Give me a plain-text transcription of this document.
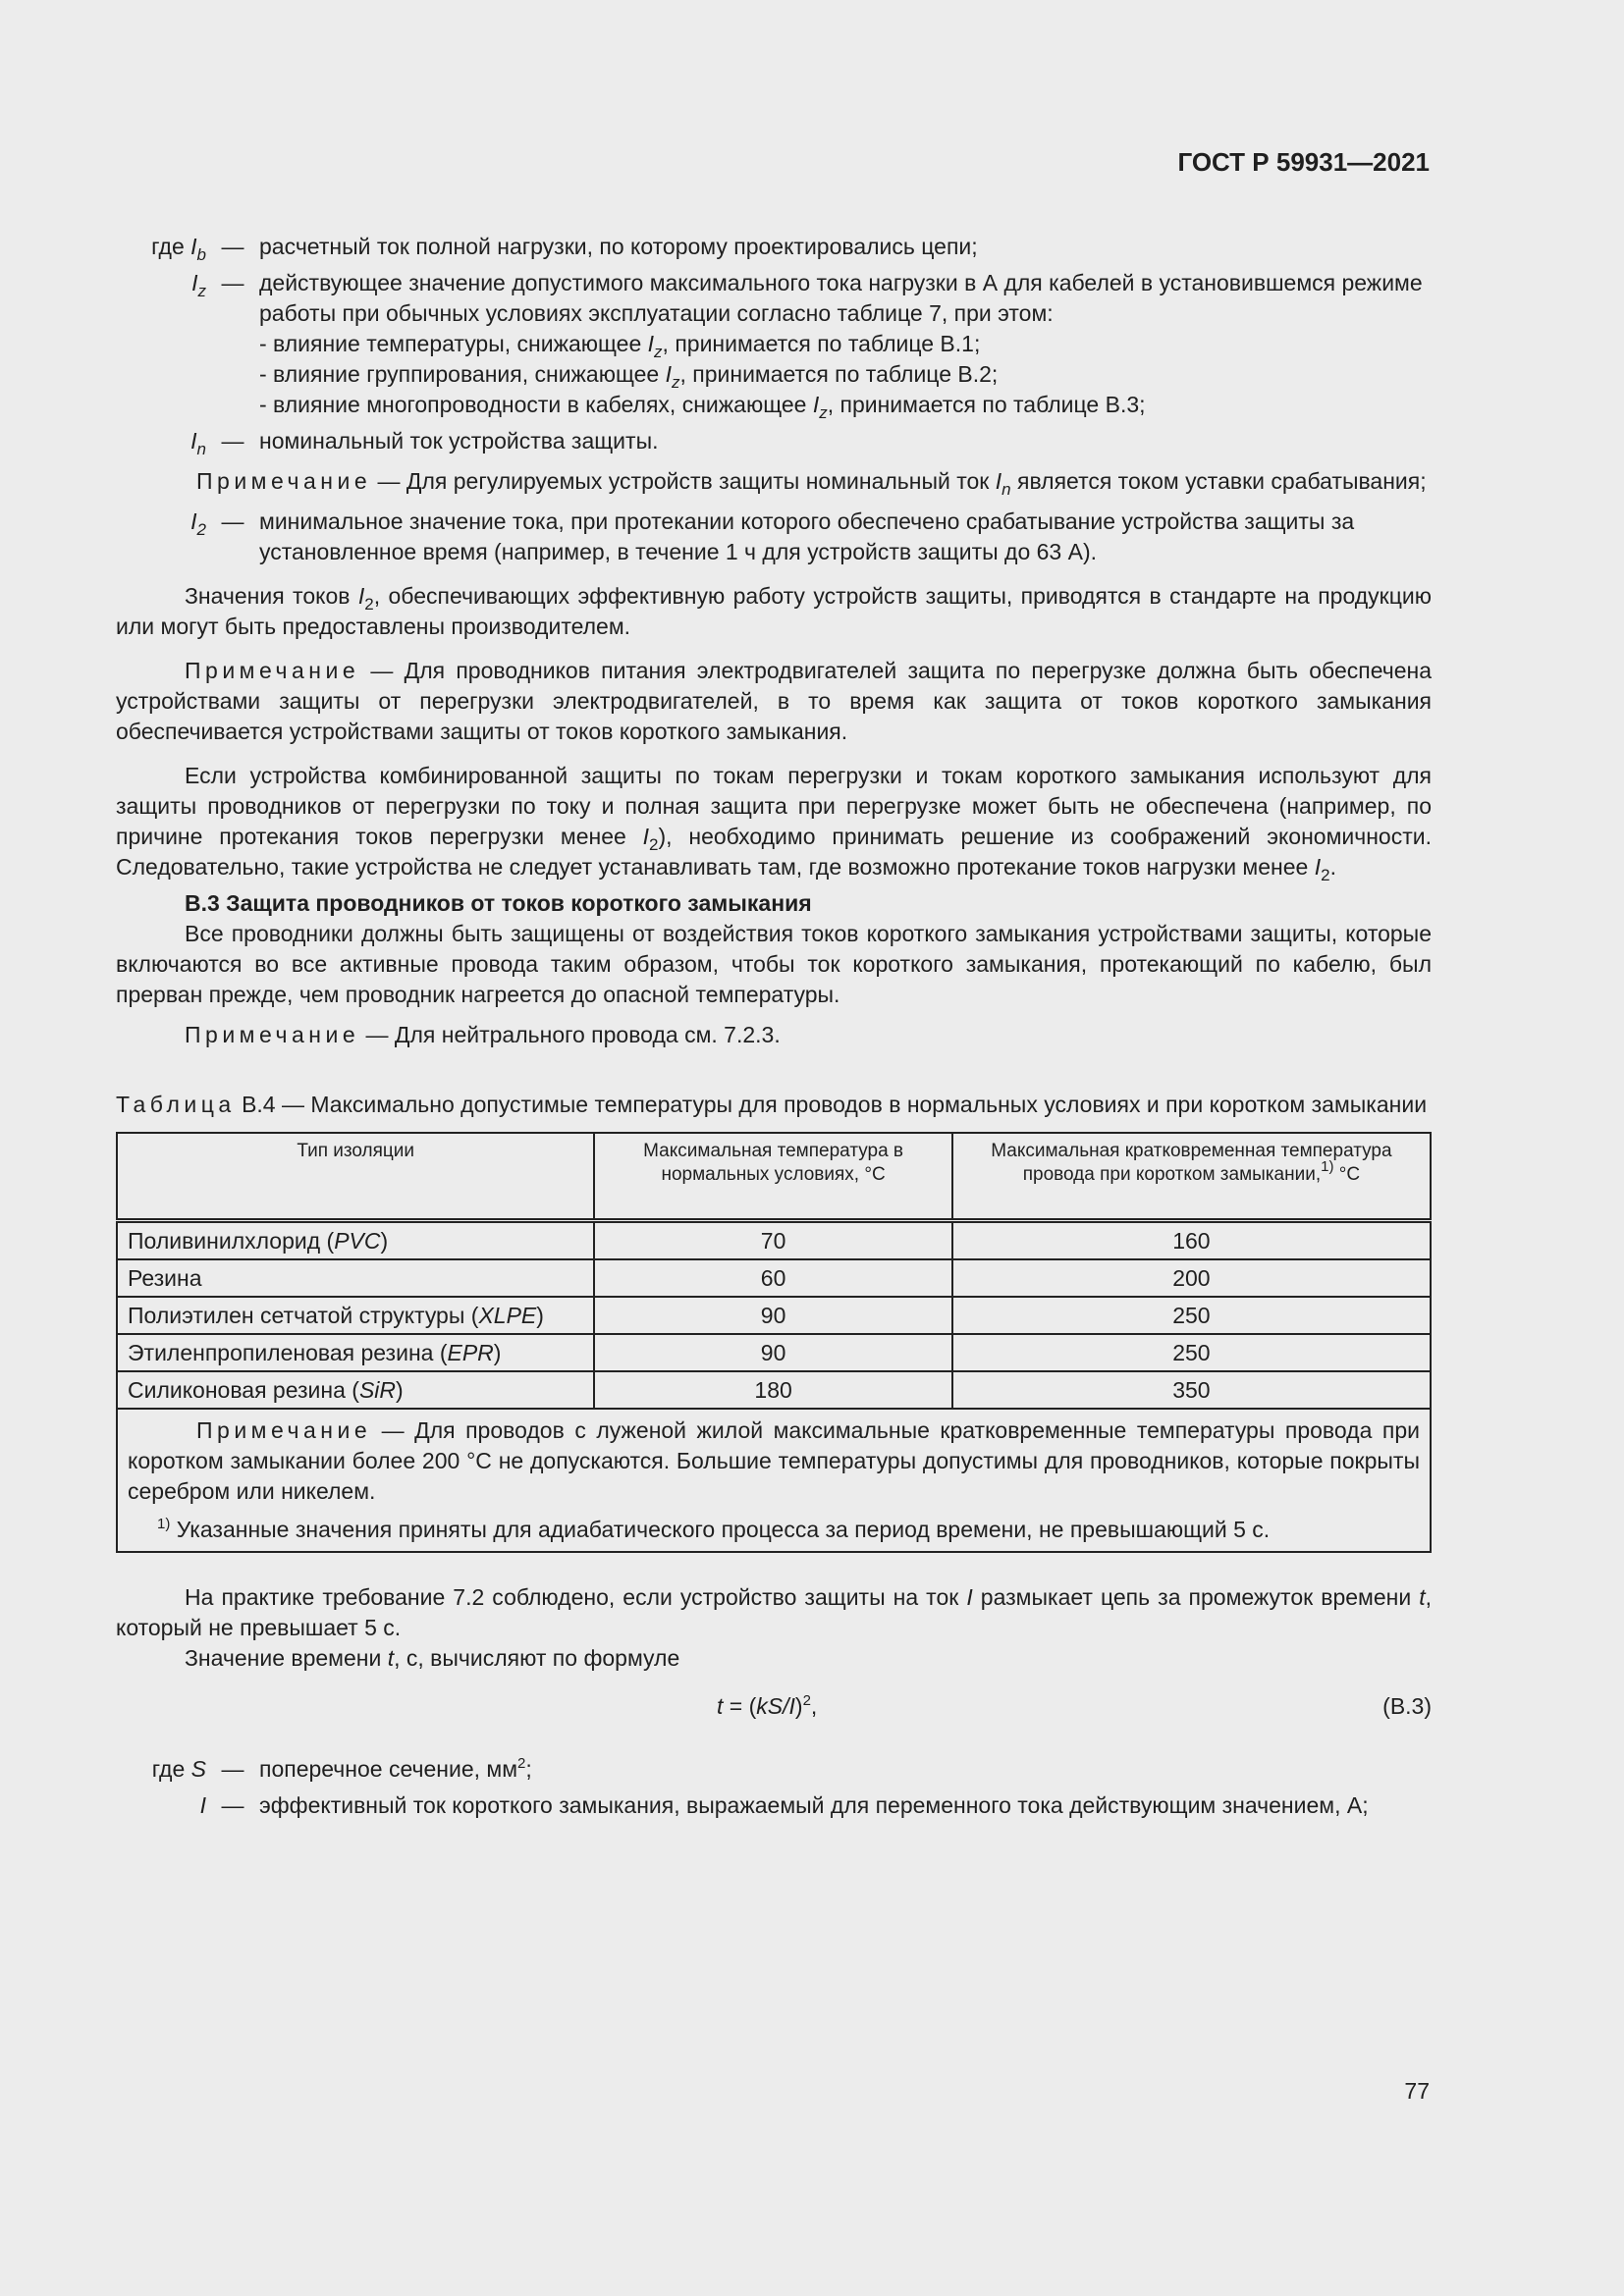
ГОСТ Р 59931—2021
где $I_b$ — расчетный ток полной нагрузки, по которому проектировались цепи;
$I_z$ — действующее значение допустимого максимального тока нагрузки в А для кабелей в установившемся режиме работы при обычных условиях эксплуатации согласно таблице 7, при этом:
- влияние температуры, снижающее $I_z$, принимается по таблице В.1;
- влияние группирования, снижающее $I_z$, принимается по таблице В.2;
- влияние многопроводности в кабелях, снижающее $I_z$, принимается по таблице В.3;
$I_n$ — номинальный ток устройства защиты.
Примечание — Для регулируемых устройств защиты номинальный ток $I_n$ является током уставки срабатывания;
$I_2$ — минимальное значение тока, при протекании которого обеспечено срабатывание устройства защиты за установленное время (например, в течение 1 ч для устройств защиты до 63 А).
Значения токов $I_2$, обеспечивающих эффективную работу устройств защиты, приводятся в стандарте на продукцию или могут быть предоставлены производителем.
Примечание — Для проводников питания электродвигателей защита по перегрузке должна быть обеспечена устройствами защиты от перегрузки электродвигателей, в то время как защита от токов короткого замыкания обеспечивается устройствами защиты от токов короткого замыкания.
Если устройства комбинированной защиты по токам перегрузки и токам короткого замыкания используют для защиты проводников от перегрузки по току и полная защита при перегрузке может быть не обеспечена (например, по причине протекания токов перегрузки менее $I_2$), необходимо принимать решение из соображений экономичности. Следовательно, такие устройства не следует устанавливать там, где возможно протекание токов нагрузки менее $I_2$.
В.3 Защита проводников от токов короткого замыкания
Все проводники должны быть защищены от воздействия токов короткого замыкания устройствами защиты, которые включаются во все активные провода таким образом, чтобы ток короткого замыкания, протекающий по кабелю, был прерван прежде, чем проводник нагреется до опасной температуры.
Примечание — Для нейтрального провода см. 7.2.3.
Таблица В.4 — Максимально допустимые температуры для проводов в нормальных условиях и при коротком замыкании
Тип изоляции	Максимальная температура в нормальных условиях, °С	Максимальная кратковременная температура провода при коротком замыкании,$^{1)}$ °С
Поливинилхлорид (PVC)	70	160
Резина	60	200
Полиэтилен сетчатой структуры (XLPE)	90	250
Этиленпропиленовая резина (EPR)	90	250
Силиконовая резина (SiR)	180	350

Примечание — Для проводов с луженой жилой максимальные кратковременные температуры провода при коротком замыкании более 200 °С не допускаются. Большие температуры допустимы для проводников, которые покрыты серебром или никелем.
$^{1)}$ Указанные значения приняты для адиабатического процесса за период времени, не превышающий 5 с.		
На практике требование 7.2 соблюдено, если устройство защиты на ток I размыкает цепь за промежуток времени t, который не превышает 5 с.
Значение времени t, с, вычисляют по формуле
$t = (kS/I)^2$,	(В.3)
где S — поперечное сечение, $мм^2$;
I — эффективный ток короткого замыкания, выражаемый для переменного тока действующим значением, А;
77
